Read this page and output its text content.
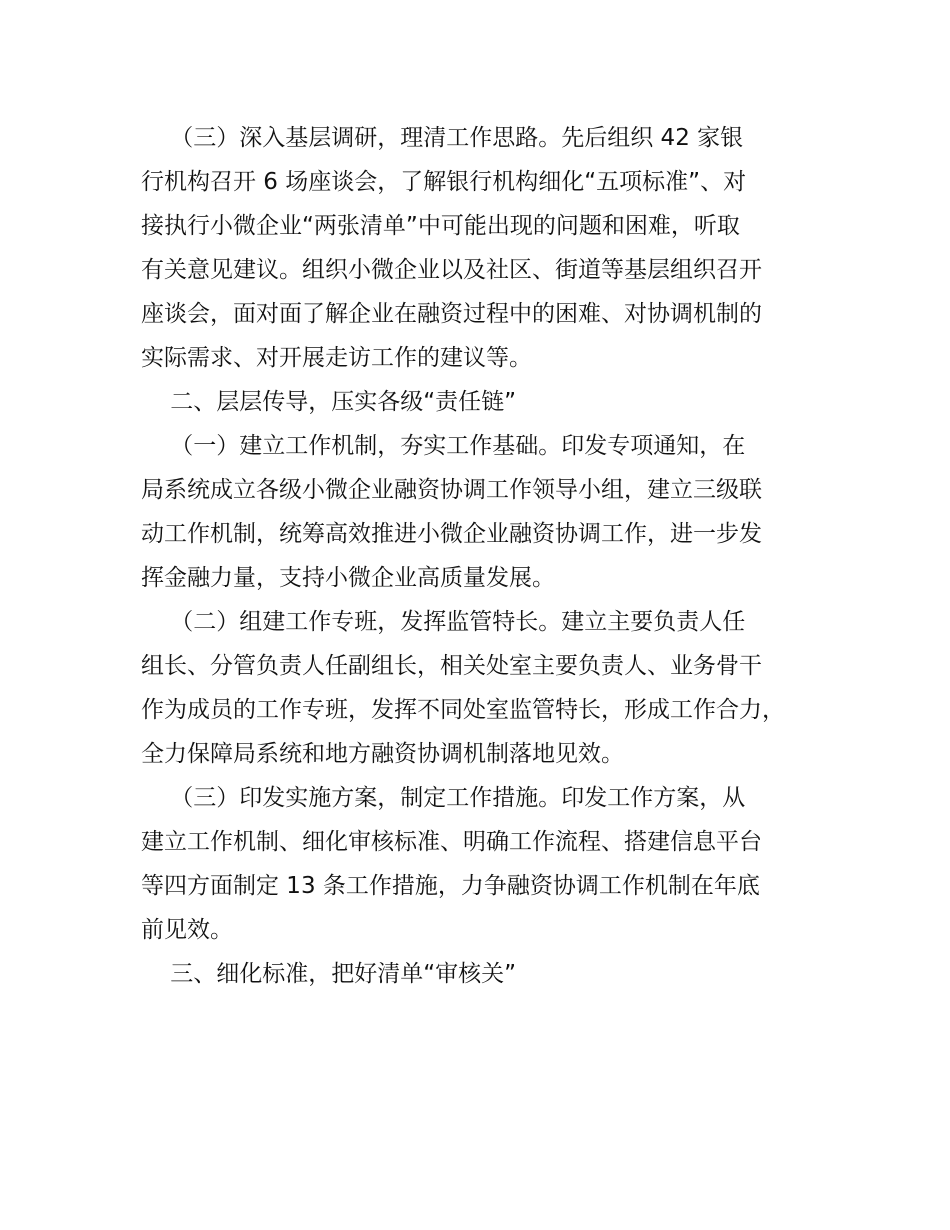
（三）深入基层调研，理清工作思路。先后组织 42 家银
行机构召开 6 场座谈会，了解银行机构细化“五项标准”、对
接执行小微企业“两张清单”中可能出现的问题和困难，听取
有关意见建议。组织小微企业以及社区、街道等基层组织召开
座谈会，面对面了解企业在融资过程中的困难、对协调机制的
实际需求、对开展走访工作的建议等。
二、层层传导，压实各级“责任链”
（一）建立工作机制，夯实工作基础。印发专项通知，在
局系统成立各级小微企业融资协调工作领导小组，建立三级联
动工作机制，统筹高效推进小微企业融资协调工作，进一步发
挥金融力量，支持小微企业高质量发展。
（二）组建工作专班，发挥监管特长。建立主要负责人任
组长、分管负责人任副组长，相关处室主要负责人、业务骨干
作为成员的工作专班，发挥不同处室监管特长，形成工作合力，
全力保障局系统和地方融资协调机制落地见效。
（三）印发实施方案，制定工作措施。印发工作方案，从
建立工作机制、细化审核标准、明确工作流程、搭建信息平台
等四方面制定 13 条工作措施，力争融资协调工作机制在年底
前见效。
三、细化标准，把好清单“审核关”
